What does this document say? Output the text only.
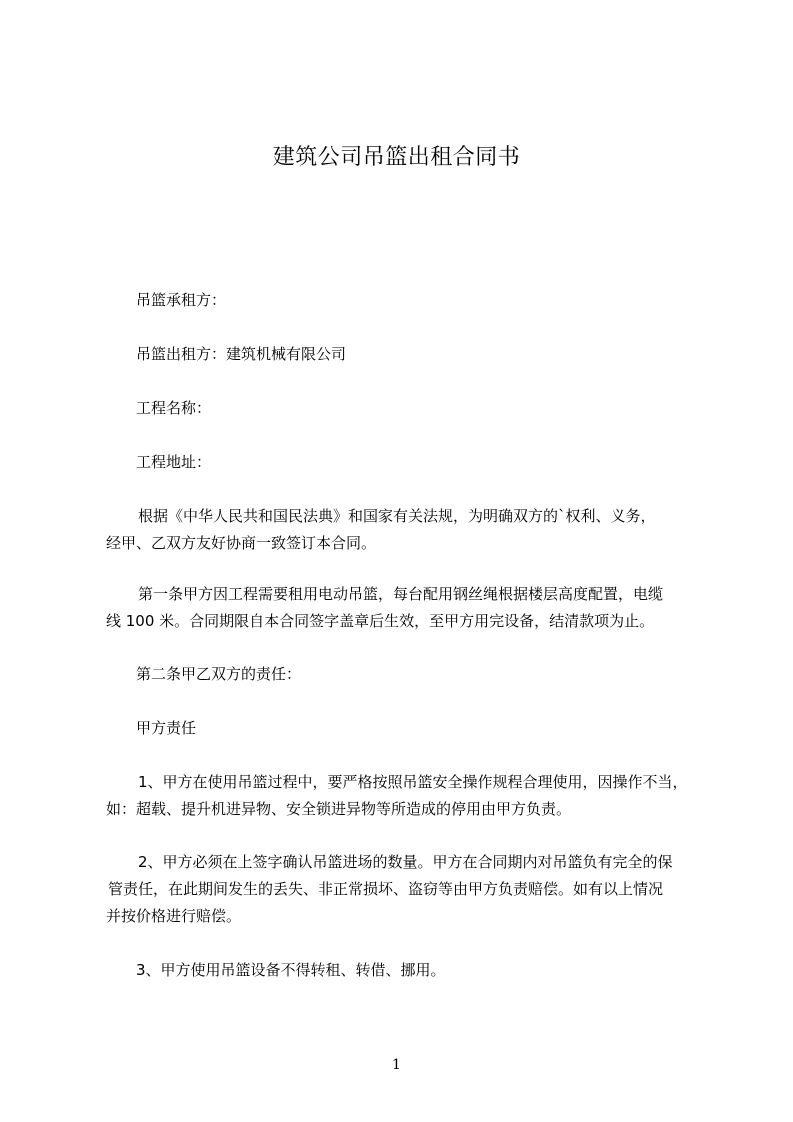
建筑公司吊篮出租合同书
吊篮承租方：
吊篮出租方：建筑机械有限公司
工程名称：
工程地址：
根据《中华人民共和国民法典》和国家有关法规，为明确双方的`权利、义务，
经甲、乙双方友好协商一致签订本合同。
第一条甲方因工程需要租用电动吊篮，每台配用钢丝绳根据楼层高度配置，电缆
线 100 米。合同期限自本合同签字盖章后生效，至甲方用完设备，结清款项为止。
第二条甲乙双方的责任：
甲方责任
1、甲方在使用吊篮过程中，要严格按照吊篮安全操作规程合理使用，因操作不当，
如：超载、提升机进异物、安全锁进异物等所造成的停用由甲方负责。
2、甲方必须在上签字确认吊篮进场的数量。甲方在合同期内对吊篮负有完全的保
管责任，在此期间发生的丢失、非正常损坏、盗窃等由甲方负责赔偿。如有以上情况
并按价格进行赔偿。
3、甲方使用吊篮设备不得转租、转借、挪用。
1
